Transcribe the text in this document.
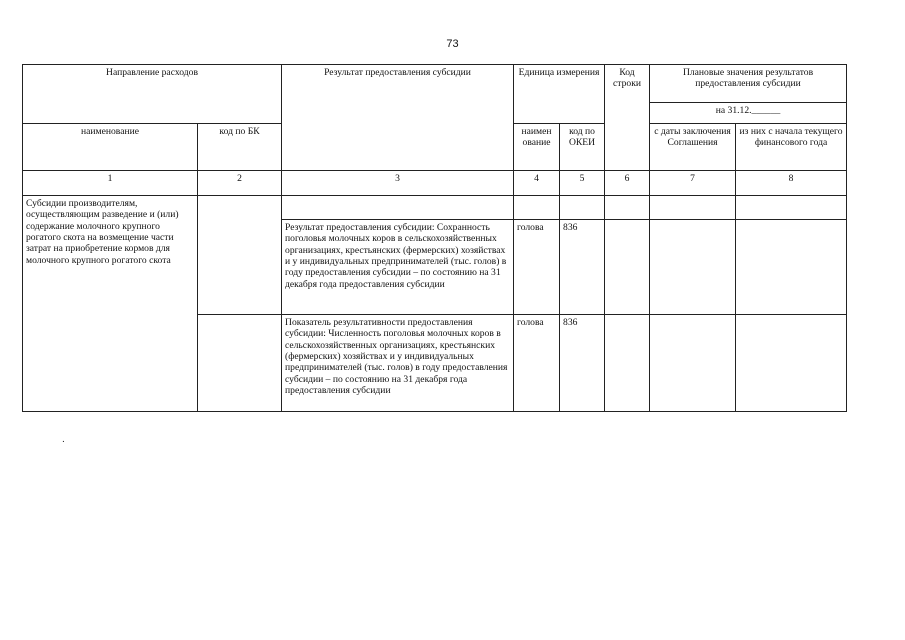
73
Направление расходов		Результат предоставления субсидии	Единица измерения		Код строки	Плановые значения результатов предоставления субсидии	
						на 31.12.______	
наименование	код по БК		наимен ование	код по ОКЕИ		с даты заключения Соглашения	из них с начала текущего финансового года
1	2	3	4	5	6	7	8
Субсидии производителям, осуществляющим разведение и (или) содержание молочного крупного рогатого скота на возмещение части затрат на приобретение кормов для молочного крупного рогатого скота							
		Результат предоставления субсидии: Сохранность поголовья молочных коров в сельскохозяйственных организациях, крестьянских (фермерских) хозяйствах и у индивидуальных предпринимателей (тыс. голов) в году предоставления субсидии – по состоянию на 31 декабря года предоставления субсидии	голова	836			
		Показатель результативности предоставления субсидии: Численность поголовья молочных коров в сельскохозяйственных организациях, крестьянских (фермерских) хозяйствах и у индивидуальных предпринимателей (тыс. голов) в году предоставления субсидии – по состоянию на 31 декабря года предоставления субсидии	голова	836			
.
